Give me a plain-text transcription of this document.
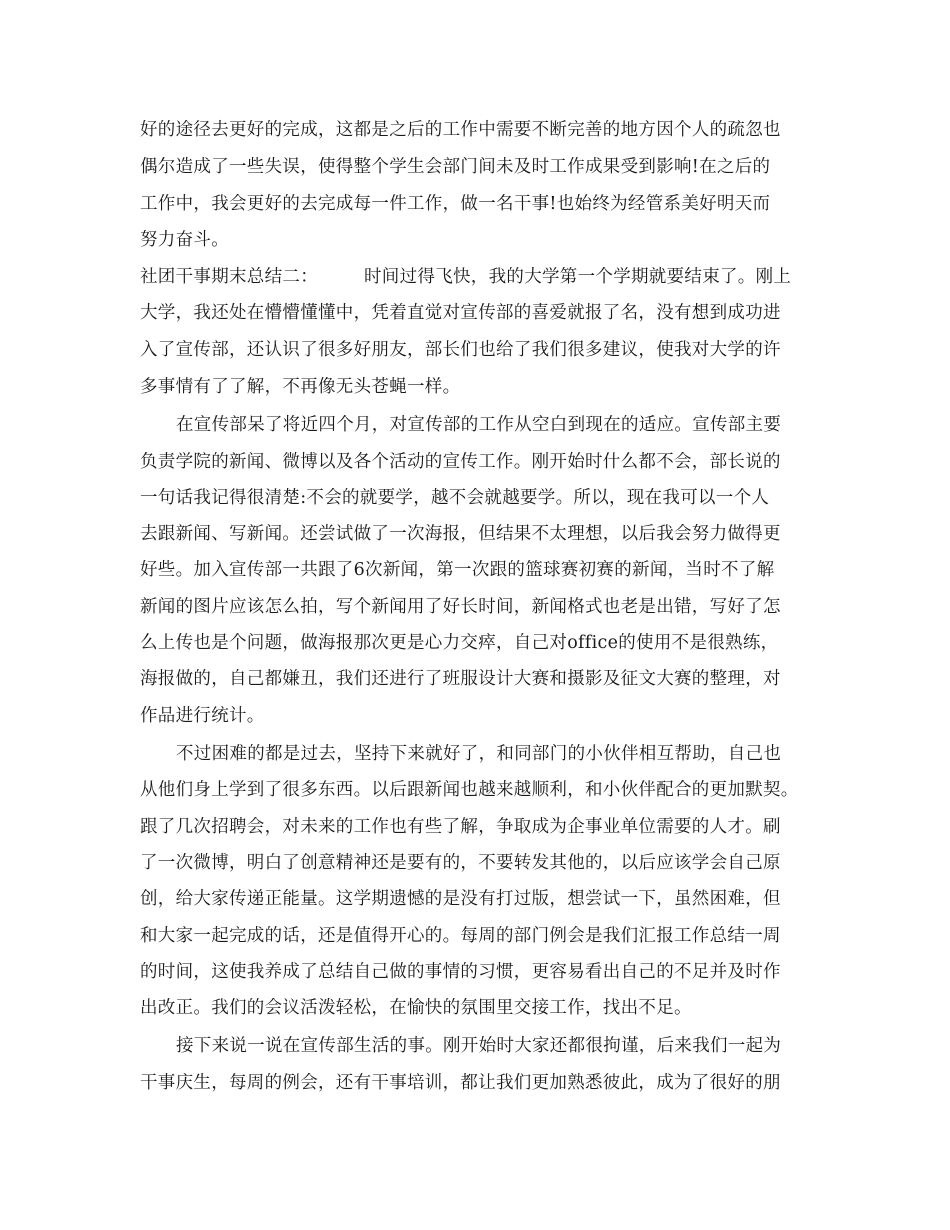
好的途径去更好的完成，这都是之后的工作中需要不断完善的地方因个人的疏忽也
偶尔造成了一些失误，使得整个学生会部门间未及时工作成果受到影响!在之后的
工作中，我会更好的去完成每一件工作，做一名干事!也始终为经管系美好明天而
努力奋斗。
社团干事期末总结二：	时间过得飞快，我的大学第一个学期就要结束了。刚上
大学，我还处在懵懵懂懂中，凭着直觉对宣传部的喜爱就报了名，没有想到成功进
入了宣传部，还认识了很多好朋友，部长们也给了我们很多建议，使我对大学的许
多事情有了了解，不再像无头苍蝇一样。
在宣传部呆了将近四个月，对宣传部的工作从空白到现在的适应。宣传部主要
负责学院的新闻、微博以及各个活动的宣传工作。刚开始时什么都不会，部长说的
一句话我记得很清楚:不会的就要学，越不会就越要学。所以，现在我可以一个人
去跟新闻、写新闻。还尝试做了一次海报，但结果不太理想，以后我会努力做得更
好些。加入宣传部一共跟了6次新闻，第一次跟的篮球赛初赛的新闻，当时不了解
新闻的图片应该怎么拍，写个新闻用了好长时间，新闻格式也老是出错，写好了怎
么上传也是个问题，做海报那次更是心力交瘁，自己对office的使用不是很熟练，
海报做的，自己都嫌丑，我们还进行了班服设计大赛和摄影及征文大赛的整理，对
作品进行统计。
不过困难的都是过去，坚持下来就好了，和同部门的小伙伴相互帮助，自己也
从他们身上学到了很多东西。以后跟新闻也越来越顺利，和小伙伴配合的更加默契。
跟了几次招聘会，对未来的工作也有些了解，争取成为企事业单位需要的人才。刷
了一次微博，明白了创意精神还是要有的，不要转发其他的，以后应该学会自己原
创，给大家传递正能量。这学期遗憾的是没有打过版，想尝试一下，虽然困难，但
和大家一起完成的话，还是值得开心的。每周的部门例会是我们汇报工作总结一周
的时间，这使我养成了总结自己做的事情的习惯，更容易看出自己的不足并及时作
出改正。我们的会议活泼轻松，在愉快的氛围里交接工作，找出不足。
接下来说一说在宣传部生活的事。刚开始时大家还都很拘谨，后来我们一起为
干事庆生，每周的例会，还有干事培训，都让我们更加熟悉彼此，成为了很好的朋
